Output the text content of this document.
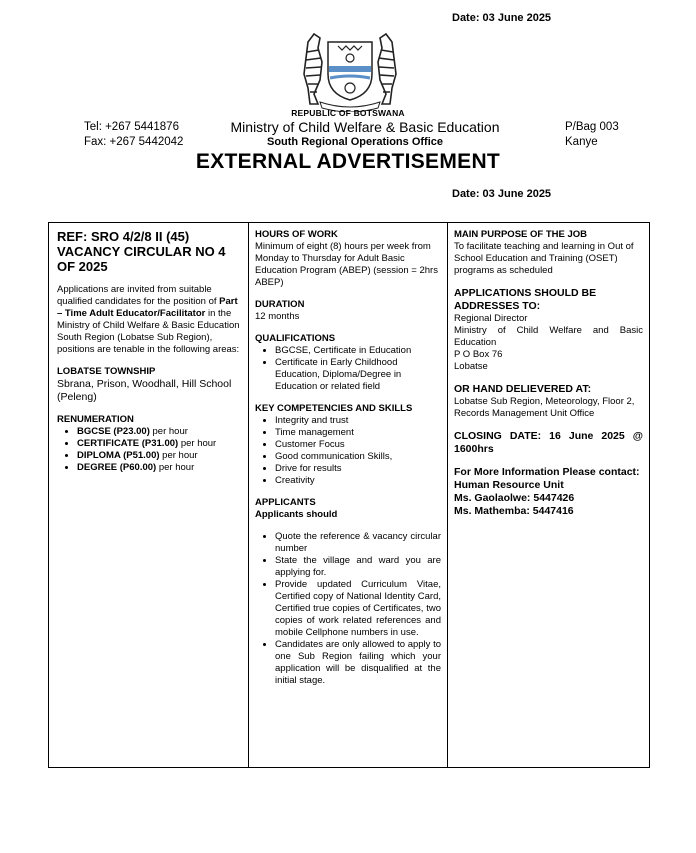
Date: 03 June 2025
REPUBLIC OF BOTSWANA
Tel: +267 5441876
Fax: +267 5442042
Ministry of Child Welfare & Basic Education
South Regional Operations Office
P/Bag 003
Kanye
EXTERNAL ADVERTISEMENT
Date: 03 June 2025
REF: SRO 4/2/8 II (45)
VACANCY CIRCULAR NO 4
OF 2025
Applications are invited from suitable qualified candidates for the position of Part – Time Adult Educator/Facilitator in the Ministry of Child Welfare & Basic Education South Region (Lobatse Sub Region), positions are tenable in the following areas:
LOBATSE TOWNSHIP
Sbrana, Prison, Woodhall, Hill School (Peleng)
RENUMERATION
• BGCSE (P23.00) per hour
• CERTIFICATE (P31.00) per hour
• DIPLOMA (P51.00) per hour
• DEGREE (P60.00) per hour
HOURS OF WORK
Minimum of eight (8) hours per week from Monday to Thursday for Adult Basic Education Program (ABEP) (session = 2hrs ABEP)
DURATION
12 months
QUALIFICATIONS
• BGCSE, Certificate in Education
• Certificate in Early Childhood Education, Diploma/Degree in Education or related field
KEY COMPETENCIES AND SKILLS
• Integrity and trust
• Time management
• Customer Focus
• Good communication Skills,
• Drive for results
• Creativity
APPLICANTS
Applicants should
• Quote the reference & vacancy circular number
• State the village and ward you are applying for.
• Provide updated Curriculum Vitae, Certified copy of National Identity Card, Certified true copies of Certificates, two copies of work related references and mobile Cellphone numbers in use.
• Candidates are only allowed to apply to one Sub Region failing which your application will be disqualified at the initial stage.
MAIN PURPOSE OF THE JOB
To facilitate teaching and learning in Out of School Education and Training (OSET) programs as scheduled
APPLICATIONS SHOULD BE ADDRESSES TO:
Regional Director
Ministry of Child Welfare and Basic Education
P O Box 76
Lobatse
OR HAND DELIEVERED AT:
Lobatse Sub Region, Meteorology, Floor 2, Records Management Unit Office
CLOSING DATE: 16 June 2025 @ 1600hrs
For More Information Please contact:
Human Resource Unit
Ms. Gaolaolwe: 5447426
Ms. Mathemba: 5447416
